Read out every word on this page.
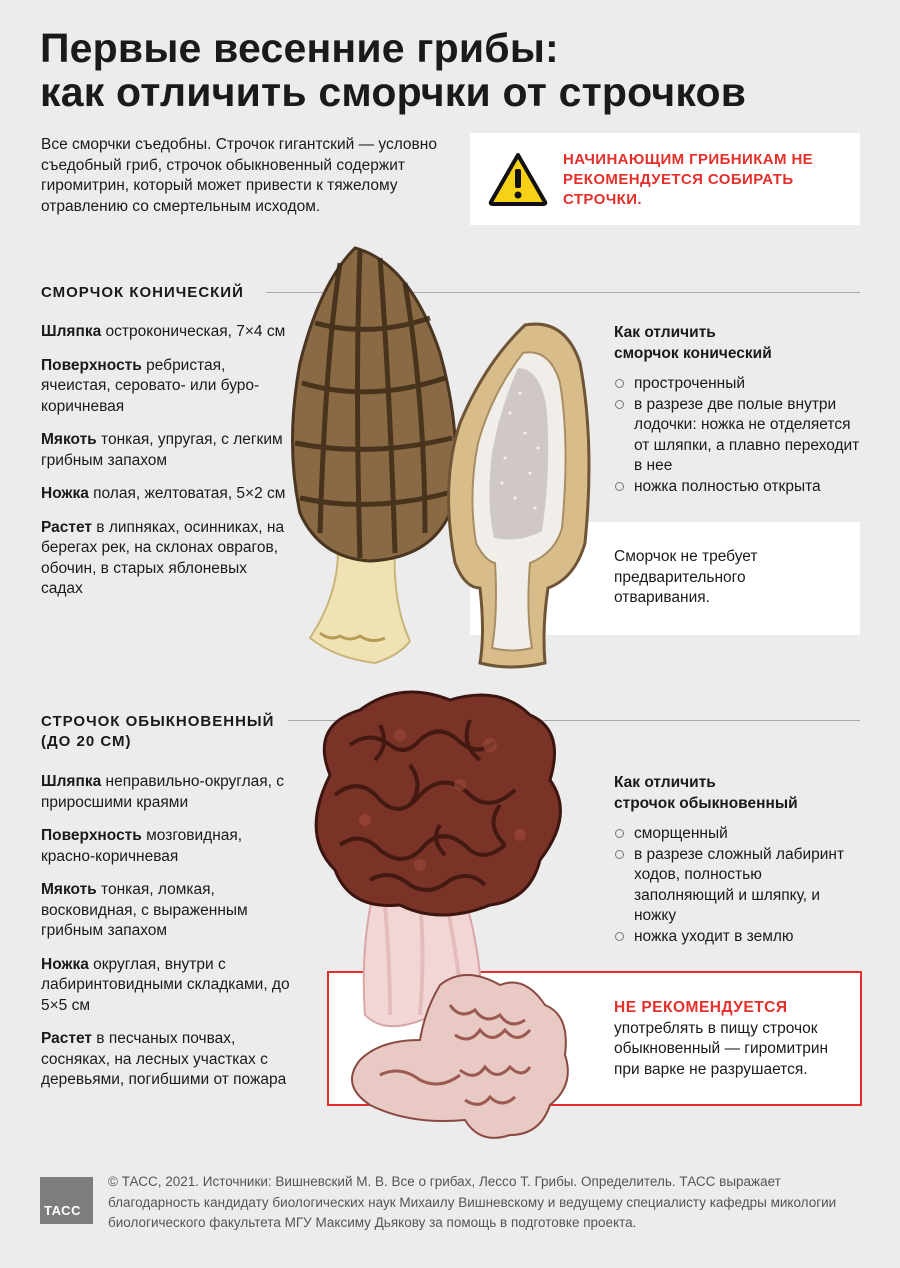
Первые весенние грибы:
как отличить сморчки от строчков
Все сморчки съедобны. Строчок гигантский — условно съедобный гриб, строчок обыкновенный содержит гиромитрин, который может привести к тяжелому отравлению со смертельным исходом.
НАЧИНАЮЩИМ ГРИБНИКАМ НЕ РЕКОМЕНДУЕТСЯ СОБИРАТЬ СТРОЧКИ.
СМОРЧОК КОНИЧЕСКИЙ

Шляпка остроконическая, 7×4 см

Поверхность ребристая, ячеистая, серовато- или буро-коричневая

Мякоть тонкая, упругая, с легким грибным запахом

Ножка полая, желтоватая, 5×2 см

Растет в липняках, осинниках, на берегах рек, на склонах оврагов, обочин, в старых яблоневых садах

Как отличить
сморчок конический
простроченный
в разрезе две полые внутри лодочки: ножка не отделяется от шляпки, а плавно переходит в нее
ножка полностью открыта
Сморчок не требует предварительного отваривания.
СТРОЧОК ОБЫКНОВЕННЫЙ
(ДО 20 СМ)

Шляпка неправильно-округлая, с приросшими краями

Поверхность мозговидная, красно-коричневая

Мякоть тонкая, ломкая, восковидная, с выраженным грибным запахом

Ножка округлая, внутри с лабиринтовидными складками, до 5×5 см

Растет в песчаных почвах, сосняках, на лесных участках с деревьями, погибшими от пожара

Как отличить
строчок обыкновенный
сморщенный
в разрезе сложный лабиринт ходов, полностью заполняющий и шляпку, и ножку
ножка уходит в землю
НЕ РЕКОМЕНДУЕТСЯ
употреблять в пищу строчок обыкновенный — гиромитрин при варке не разрушается.
ТАСС
© ТАСС, 2021. Источники: Вишневский М. В. Все о грибах, Лессо Т. Грибы. Определитель. ТАСС выражает благодарность кандидату биологических наук Михаилу Вишневскому и ведущему специалисту кафедры микологии биологического факультета МГУ Максиму Дьякову за помощь в подготовке проекта.
